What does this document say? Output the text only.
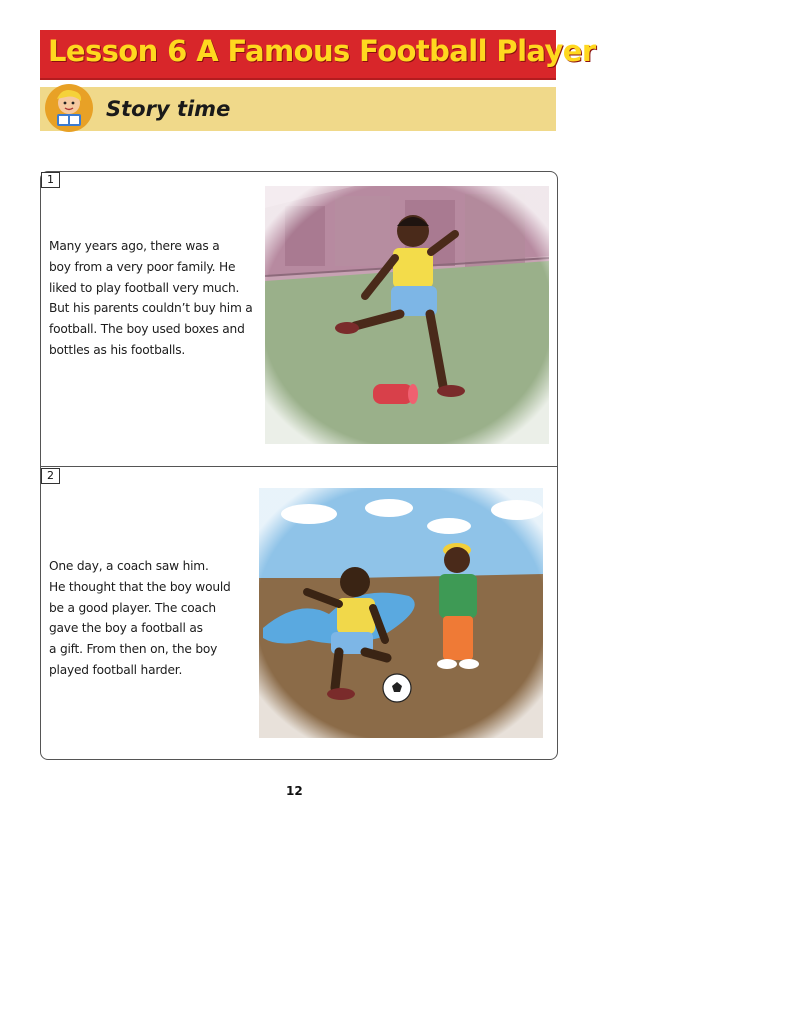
Lesson 6 A Famous Football Player
Story time
1
Many years ago, there was a
boy from a very poor family. He
liked to play football very much.
But his parents couldn’t buy him a
football. The boy used boxes and
bottles as his footballs.
2
One day, a coach saw him.
He thought that the boy would
be a good player. The coach
gave the boy a football as
a gift. From then on, the boy
played football harder.
12
